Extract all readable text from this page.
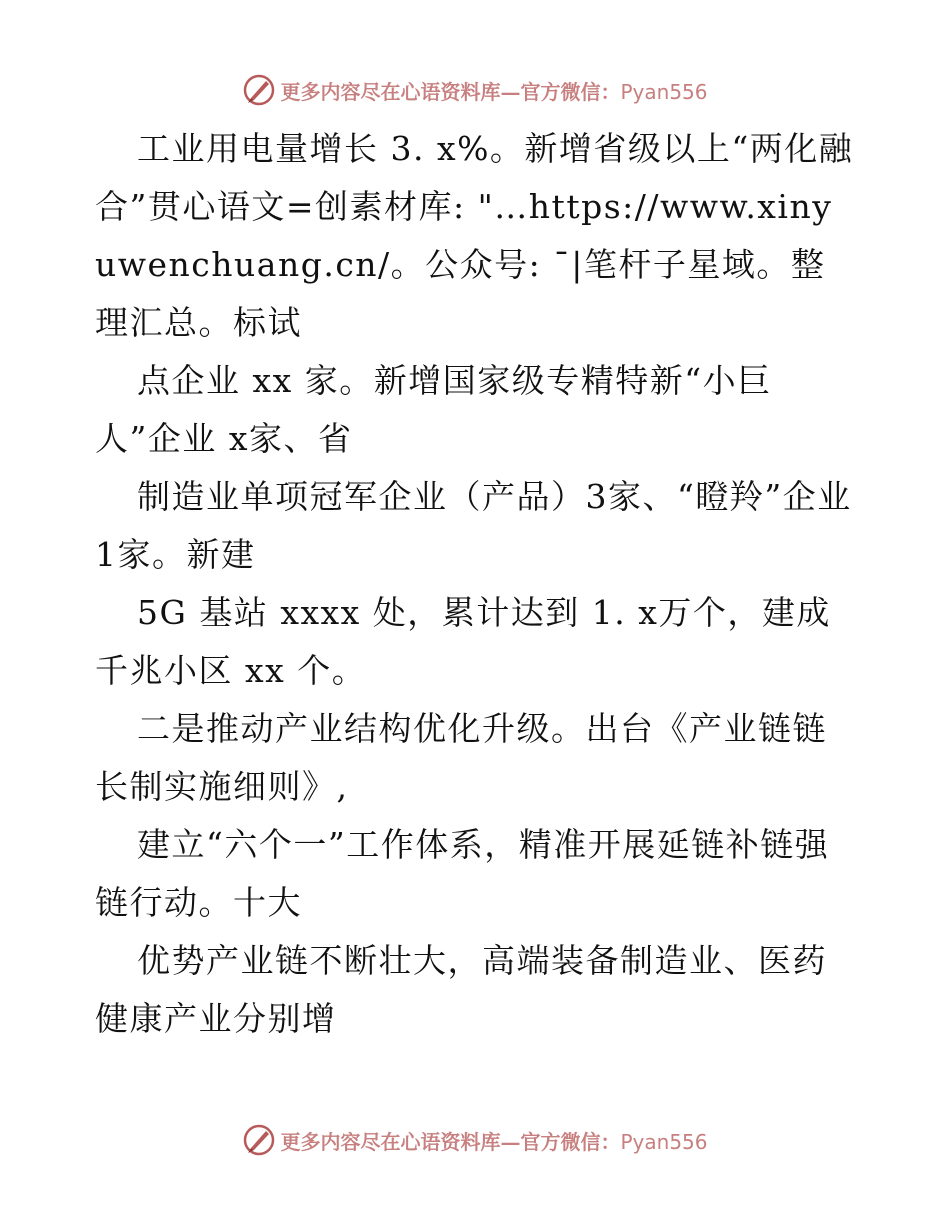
更多内容尽在心语资料库—官方微信：Pyan556

工业用电量增长 3. x%。新增省级以上“两化融合”贯心语文=创素材库: "…https://www.xinyuwenchuang.cn/。公众号: ¯|笔杆子星域。整理汇总。标试

点企业 xx 家。新增国家级专精特新“小巨人”企业 x家、省

制造业单项冠军企业（产品）3家、“瞪羚”企业 1家。新建

5G 基站 xxxx 处，累计达到 1. x万个，建成千兆小区 xx 个。

二是推动产业结构优化升级。出台《产业链链长制实施细则》,

建立“六个一”工作体系，精准开展延链补链强链行动。十大

优势产业链不断壮大，高端装备制造业、医药健康产业分别增

更多内容尽在心语资料库—官方微信：Pyan556
